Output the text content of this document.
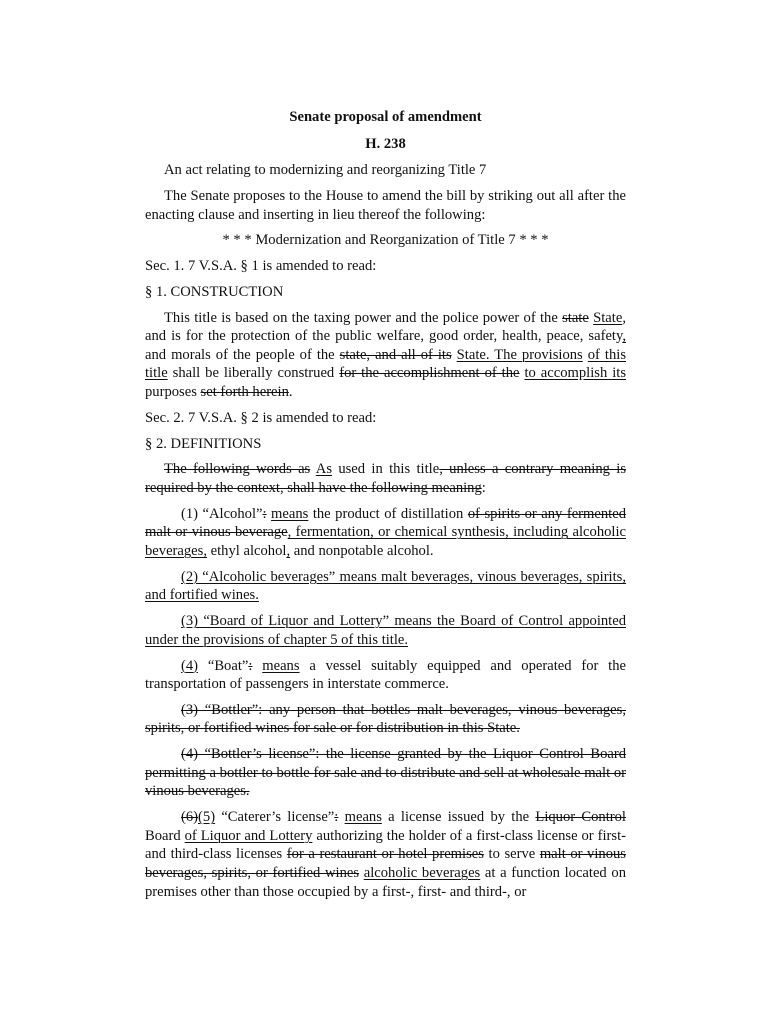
Senate proposal of amendment
H. 238

An act relating to modernizing and reorganizing Title 7

The Senate proposes to the House to amend the bill by striking out all after the enacting clause and inserting in lieu thereof the following:

* * * Modernization and Reorganization of Title 7 * * *

Sec. 1. 7 V.S.A. § 1 is amended to read:

§ 1. CONSTRUCTION

This title is based on the taxing power and the police power of the state State, and is for the protection of the public welfare, good order, health, peace, safety, and morals of the people of the state, and all of its State. The provisions of this title shall be liberally construed for the accomplishment of the to accomplish its purposes set forth herein.

Sec. 2. 7 V.S.A. § 2 is amended to read:

§ 2. DEFINITIONS

The following words as As used in this title, unless a contrary meaning is required by the context, shall have the following meaning:

(1) “Alcohol”: means the product of distillation of spirits or any fermented malt or vinous beverage, fermentation, or chemical synthesis, including alcoholic beverages, ethyl alcohol, and nonpotable alcohol.

(2) “Alcoholic beverages” means malt beverages, vinous beverages, spirits, and fortified wines.

(3) “Board of Liquor and Lottery” means the Board of Control appointed under the provisions of chapter 5 of this title.

(4) “Boat”: means a vessel suitably equipped and operated for the transportation of passengers in interstate commerce.

(3) “Bottler”: any person that bottles malt beverages, vinous beverages, spirits, or fortified wines for sale or for distribution in this State.

(4) “Bottler’s license”: the license granted by the Liquor Control Board permitting a bottler to bottle for sale and to distribute and sell at wholesale malt or vinous beverages.

(6)(5) “Caterer’s license”: means a license issued by the Liquor Control Board of Liquor and Lottery authorizing the holder of a first-class license or first- and third-class licenses for a restaurant or hotel premises to serve malt or vinous beverages, spirits, or fortified wines alcoholic beverages at a function located on premises other than those occupied by a first-, first- and third-, or
